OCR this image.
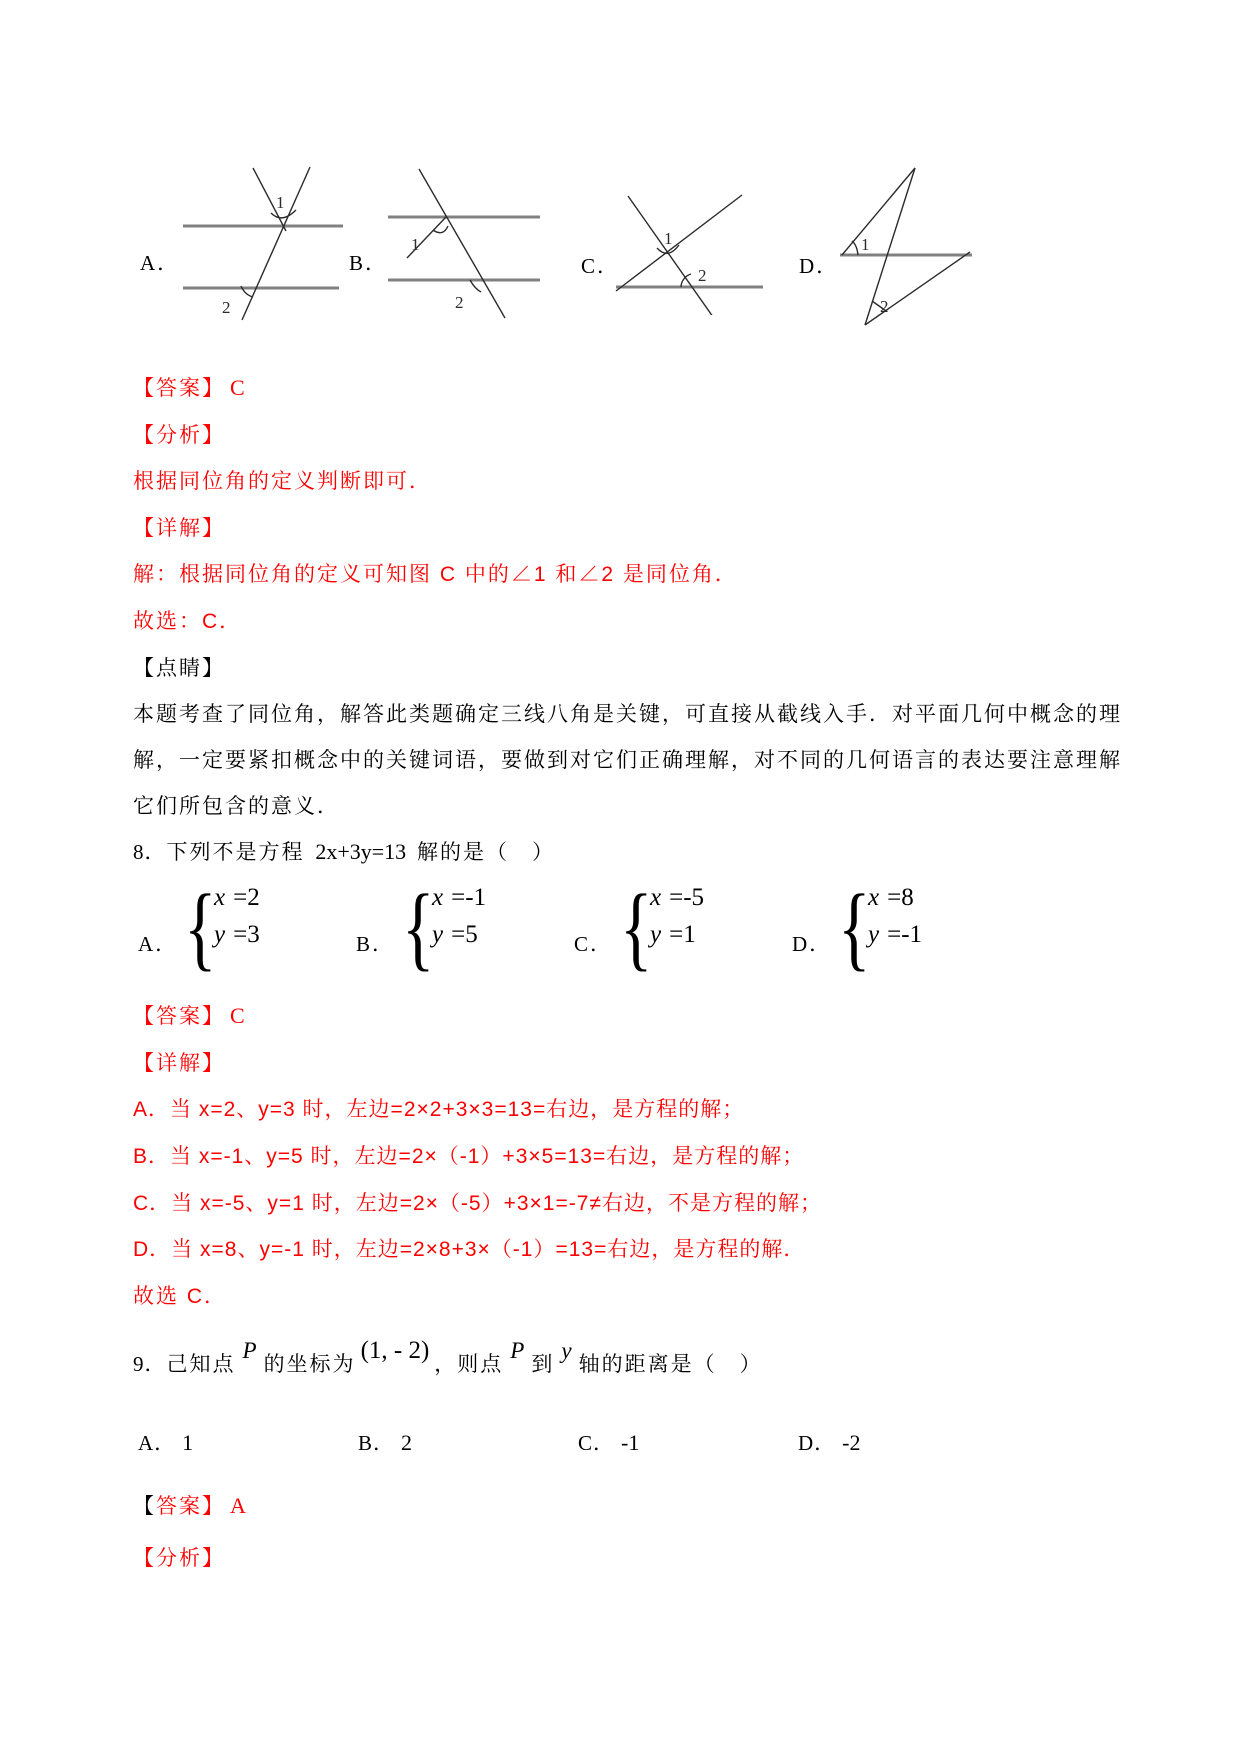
A．
1
2
B．
1
2
C．
1
2	D．
1
2
【答案】 C
【分析】
根据同位角的定义判断即可．
【详解】
解：根据同位角的定义可知图 C 中的∠1 和∠2 是同位角．
故选：C．
【点睛】
本题考查了同位角，解答此类题确定三线八角是关键，可直接从截线入手．对平面几何中概念的理
解，一定要紧扣概念中的关键词语，要做到对它们正确理解，对不同的几何语言的表达要注意理解
它们所包含的意义．
8．下列不是方程 2x+3y=13 解的是（　）
A． {
x =2
y =3	B． {
x =-1
y =5	C． {
x =-5
y =1	D． {
x =8
y =-1
【答案】 C
【详解】
A．当 x=2、y=3 时，左边=2×2+3×3=13=右边，是方程的解；
B．当 x=-1、y=5 时，左边=2×（-1）+3×5=13=右边，是方程的解；
C．当 x=-5、y=1 时，左边=2×（-5）+3×1=-7≠右边，不是方程的解；
D．当 x=8、y=-1 时，左边=2×8+3×（-1）=13=右边，是方程的解．
故选 C．
9．己知点P的坐标为(1, - 2)，则点P到y轴的距离是（　）
A． 1	B． 2	C． -1	D． -2
【答案】 A
【分析】
